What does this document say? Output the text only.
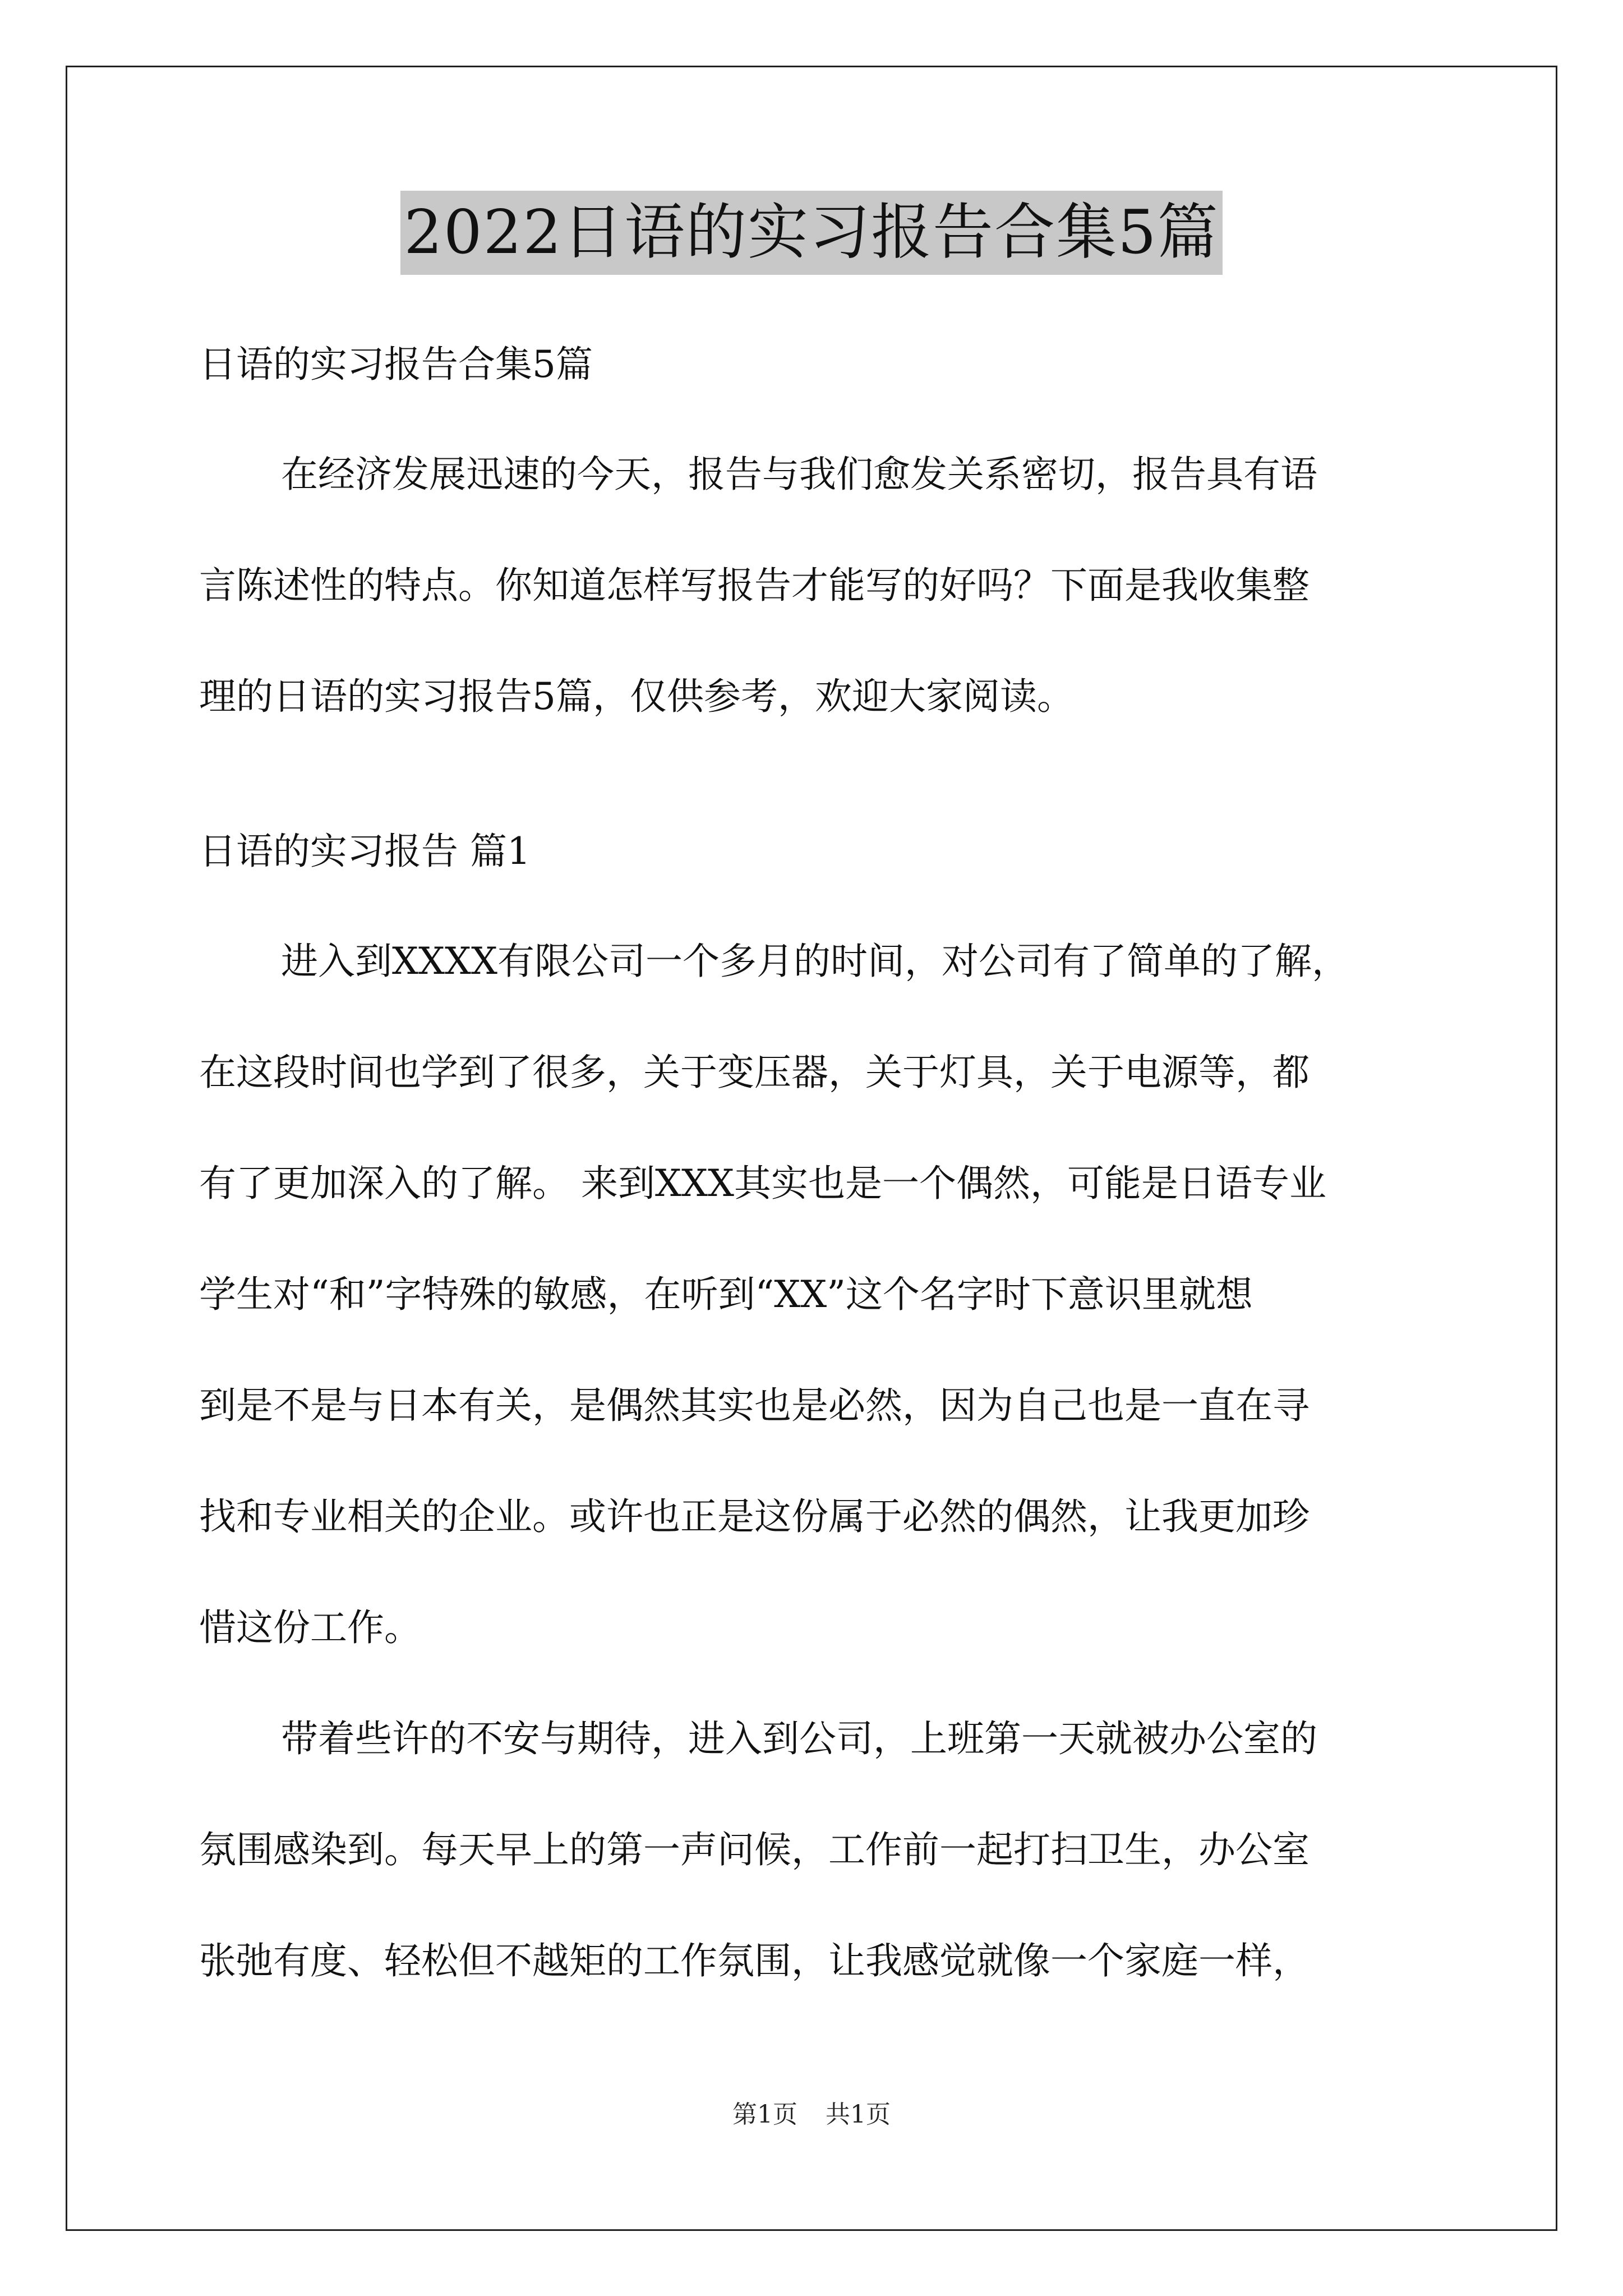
2022日语的实习报告合集5篇

日语的实习报告合集5篇

在经济发展迅速的今天，报告与我们愈发关系密切，报告具有语

言陈述性的特点。你知道怎样写报告才能写的好吗？下面是我收集整

理的日语的实习报告5篇，仅供参考，欢迎大家阅读。

日语的实习报告 篇1

进入到XXXX有限公司一个多月的时间，对公司有了简单的了解，

在这段时间也学到了很多，关于变压器，关于灯具，关于电源等，都

有了更加深入的了解。 来到XXX其实也是一个偶然，可能是日语专业

学生对“和”字特殊的敏感，在听到“XX”这个名字时下意识里就想

到是不是与日本有关，是偶然其实也是必然，因为自己也是一直在寻

找和专业相关的企业。或许也正是这份属于必然的偶然，让我更加珍

惜这份工作。

带着些许的不安与期待，进入到公司，上班第一天就被办公室的

氛围感染到。每天早上的第一声问候，工作前一起打扫卫生，办公室

张弛有度、轻松但不越矩的工作氛围，让我感觉就像一个家庭一样，

第1页 共1页
